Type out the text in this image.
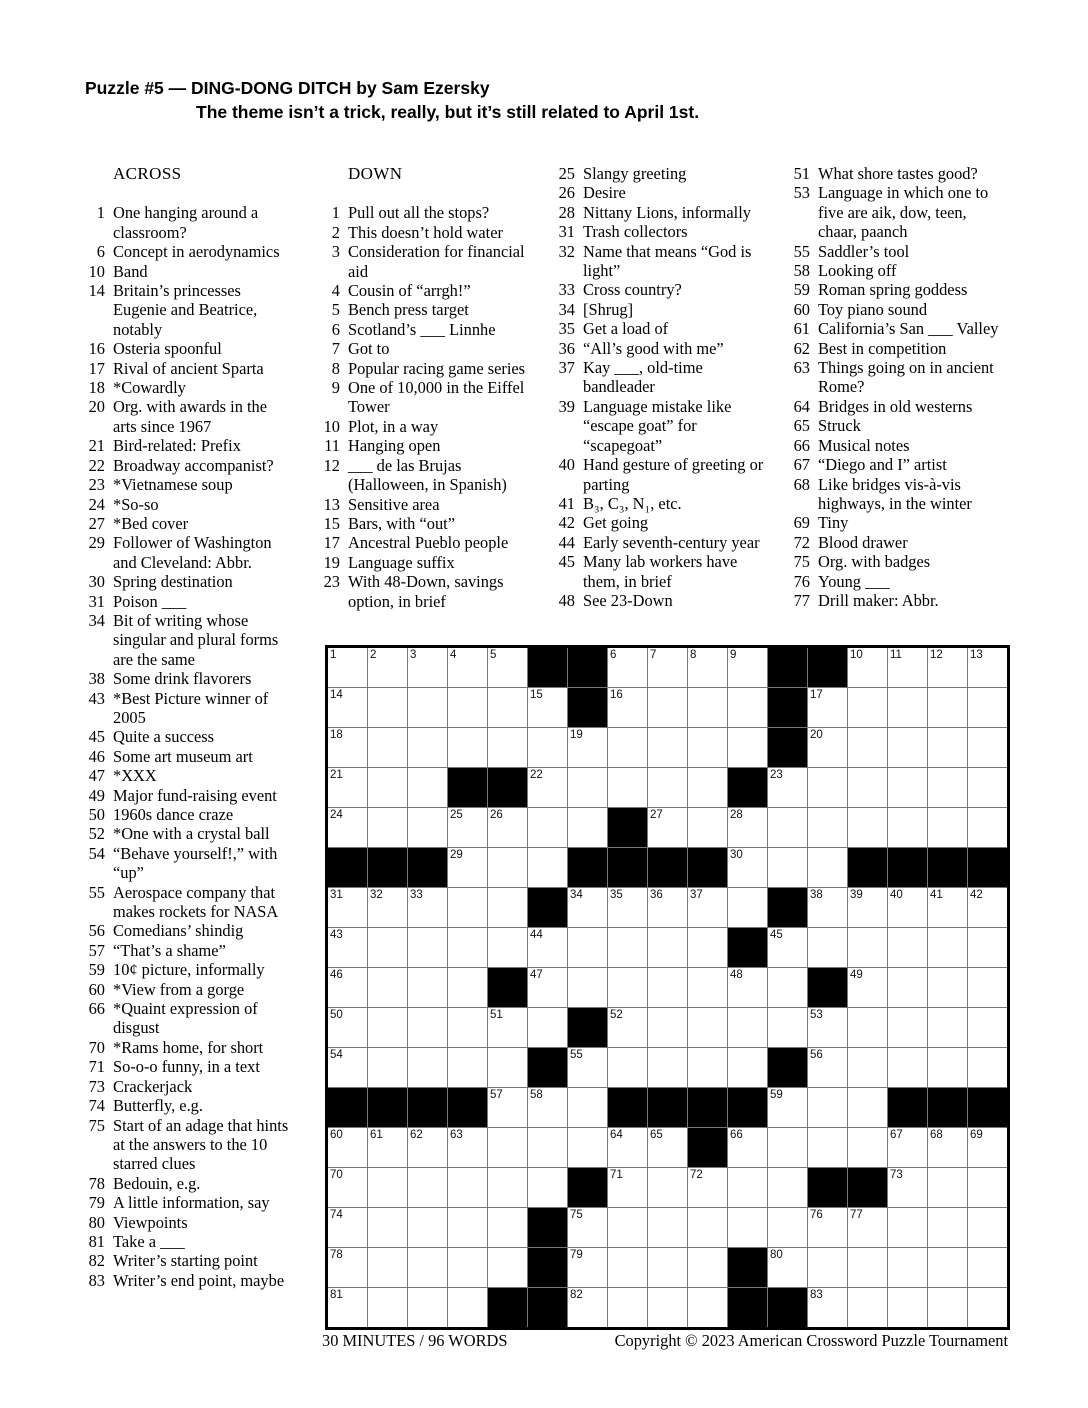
Puzzle #5 — DING-DONG DITCH by Sam Ezersky
The theme isn’t a trick, really, but it’s still related to April 1st.
ACROSS
1 One hanging around a classroom?
6 Concept in aerodynamics
10 Band
14 Britain’s princesses Eugenie and Beatrice, notably
16 Osteria spoonful
17 Rival of ancient Sparta
18 *Cowardly
20 Org. with awards in the arts since 1967
21 Bird-related: Prefix
22 Broadway accompanist?
23 *Vietnamese soup
24 *So-so
27 *Bed cover
29 Follower of Washington and Cleveland: Abbr.
30 Spring destination
31 Poison ___
34 Bit of writing whose singular and plural forms are the same
38 Some drink flavorers
43 *Best Picture winner of 2005
45 Quite a success
46 Some art museum art
47 *XXX
49 Major fund-raising event
50 1960s dance craze
52 *One with a crystal ball
54 “Behave yourself!,” with “up”
55 Aerospace company that makes rockets for NASA
56 Comedians’ shindig
57 “That’s a shame”
59 10¢ picture, informally
60 *View from a gorge
66 *Quaint expression of disgust
70 *Rams home, for short
71 So-o-o funny, in a text
73 Crackerjack
74 Butterfly, e.g.
75 Start of an adage that hints at the answers to the 10 starred clues
78 Bedouin, e.g.
79 A little information, say
80 Viewpoints
81 Take a ___
82 Writer’s starting point
83 Writer’s end point, maybe
DOWN
1 Pull out all the stops?
2 This doesn’t hold water
3 Consideration for financial aid
4 Cousin of “arrgh!”
5 Bench press target
6 Scotland’s ___ Linnhe
7 Got to
8 Popular racing game series
9 One of 10,000 in the Eiffel Tower
10 Plot, in a way
11 Hanging open
12 ___ de las Brujas (Halloween, in Spanish)
13 Sensitive area
15 Bars, with “out”
17 Ancestral Pueblo people
19 Language suffix
23 With 48-Down, savings option, in brief
25 Slangy greeting
26 Desire
28 Nittany Lions, informally
31 Trash collectors
32 Name that means “God is light”
33 Cross country?
34 [Shrug]
35 Get a load of
36 “All’s good with me”
37 Kay ___, old-time bandleader
39 Language mistake like “escape goat” for “scapegoat”
40 Hand gesture of greeting or parting
41 B₃, C₃, N₁, etc.
42 Get going
44 Early seventh-century year
45 Many lab workers have them, in brief
48 See 23-Down
51 What shore tastes good?
53 Language in which one to five are aik, dow, teen, chaar, paanch
55 Saddler’s tool
58 Looking off
59 Roman spring goddess
60 Toy piano sound
61 California’s San ___ Valley
62 Best in competition
63 Things going on in ancient Rome?
64 Bridges in old westerns
65 Struck
66 Musical notes
67 “Diego and I” artist
68 Like bridges vis-à-vis highways, in the winter
69 Tiny
72 Blood drawer
75 Org. with badges
76 Young ___
77 Drill maker: Abbr.
1	2	3	4	5	6	7	8	9	10 11 12 13
14	15	16	17
18	19	20
21	22	23
24	25 26	27	28
29	30
31 32 33	34 35 36 37	38 39 40 41 42
43	44	45
46	47	48	49
50	51	52	53
54	55	56
57 58	59
60 61 62 63	64 65	66	67 68 69
70	71	72	73
74	75	76 77
78	79	80
81	82	83
30 MINUTES / 96 WORDS	Copyright © 2023 American Crossword Puzzle Tournament
